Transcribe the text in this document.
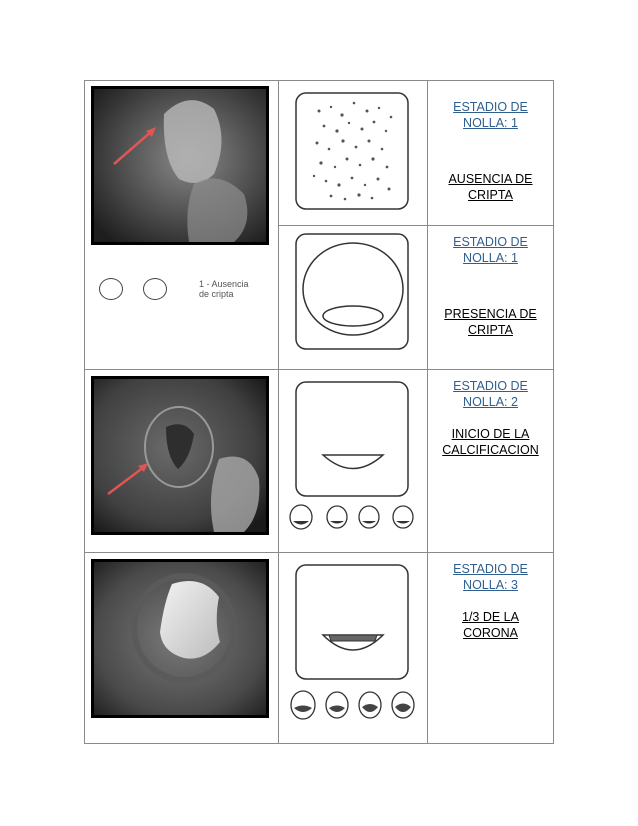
1 - Ausencia de cripta		ESTADIO DE NOLLA: 1
AUSENCIA DE CRIPTA

ESTADIO DE NOLLA: 1
PRESENCIA DE CRIPTA

ESTADIO DE NOLLA: 2
INICIO DE LA CALCIFICACION

ESTADIO DE NOLLA: 3
1/3 DE LA CORONA
